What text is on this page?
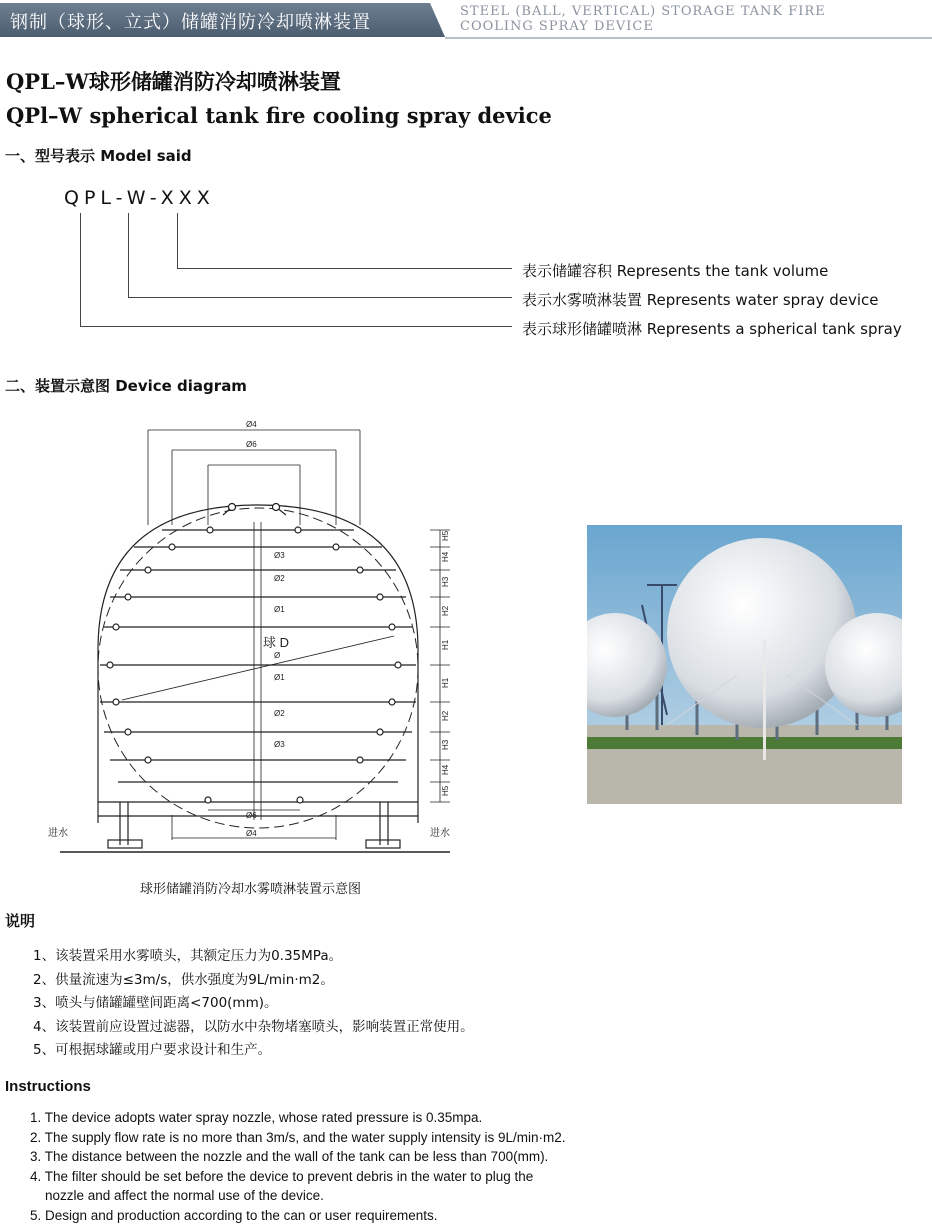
钢制（球形、立式）储罐消防冷却喷淋装置
STEEL (BALL, VERTICAL) STORAGE TANK FIRE
COOLING SPRAY DEVICE
QPL–W球形储罐消防冷却喷淋装置
QPl–W spherical tank fire cooling spray device
一、型号表示 Model said
QPL-W-XXX
表示储罐容积 Represents the tank volume
表示水雾喷淋装置 Represents water spray device
表示球形储罐喷淋 Represents a spherical tank spray
二、装置示意图 Device diagram
Ø4
Ø6
Ø3
Ø2
Ø1
Ø
Ø1
Ø2
Ø3
Ø6
Ø4
球 D
进水	进水
H5
H4
H3
H2
H1
H1
H2
H3
H4
H5
球形储罐消防冷却水雾喷淋装置示意图
说明
1、该装置采用水雾喷头，其额定压力为0.35MPa。
2、供量流速为≤3m/s，供水强度为9L/min·m2。
3、喷头与储罐罐壁间距离<700(mm)。
4、该装置前应设置过滤器，以防水中杂物堵塞喷头，影响装置正常使用。
5、可根据球罐或用户要求设计和生产。
Instructions
1. The device adopts water spray nozzle, whose rated pressure is 0.35mpa.
2. The supply flow rate is no more than 3m/s, and the water supply intensity is 9L/min·m2.
3. The distance between the nozzle and the wall of the tank can be less than 700(mm).
4. The filter should be set before the device to prevent debris in the water to plug the
nozzle and affect the normal use of the device.
5. Design and production according to the can or user requirements.
